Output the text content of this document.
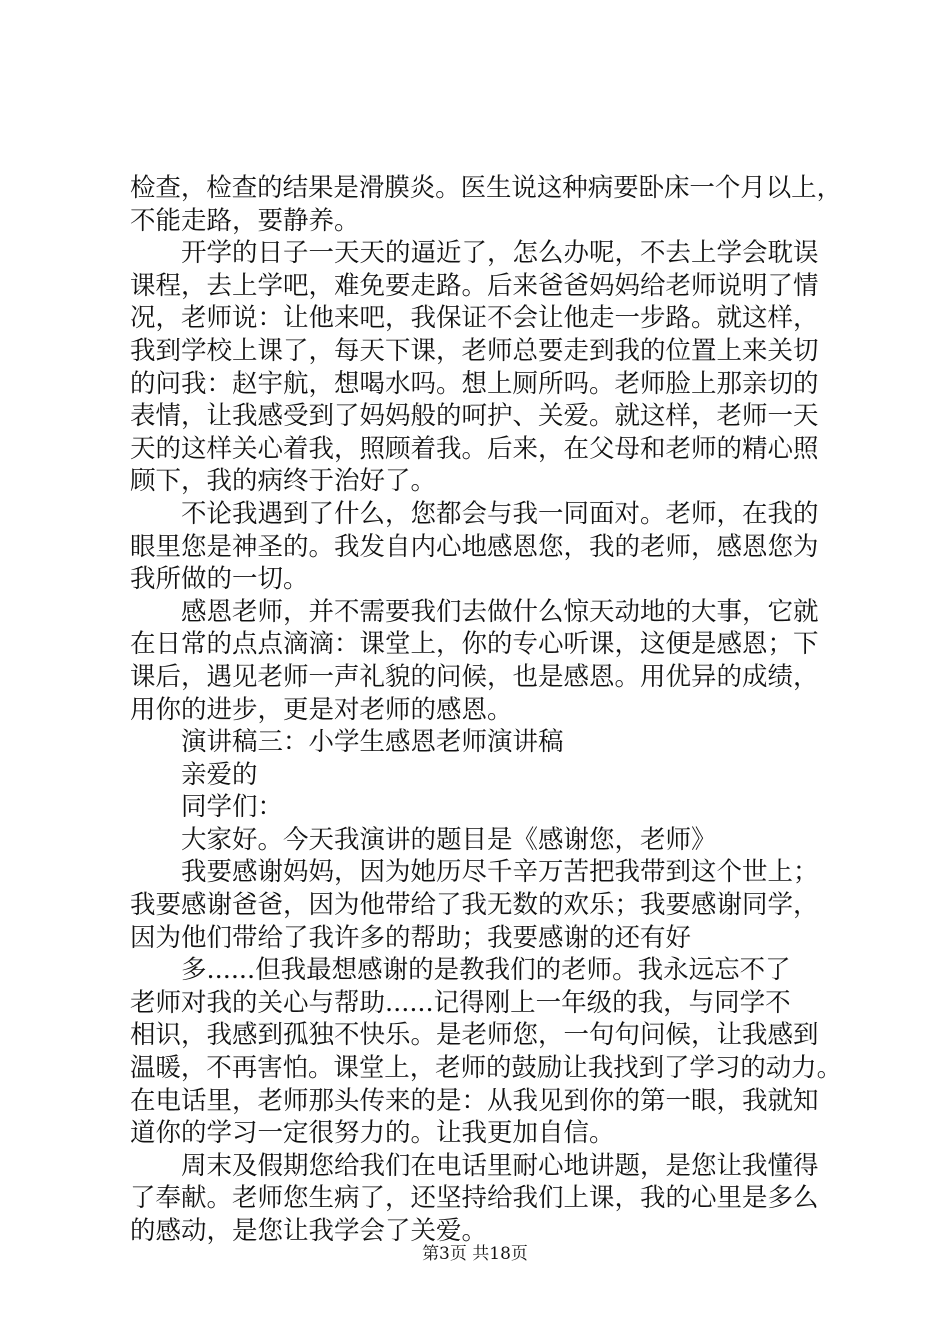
检查，检查的结果是滑膜炎。医生说这种病要卧床一个月以上，
不能走路，要静养。
开学的日子一天天的逼近了，怎么办呢，不去上学会耽误
课程，去上学吧，难免要走路。后来爸爸妈妈给老师说明了情
况，老师说：让他来吧，我保证不会让他走一步路。就这样，
我到学校上课了，每天下课，老师总要走到我的位置上来关切
的问我：赵宇航，想喝水吗。想上厕所吗。老师脸上那亲切的
表情，让我感受到了妈妈般的呵护、关爱。就这样，老师一天
天的这样关心着我，照顾着我。后来，在父母和老师的精心照
顾下，我的病终于治好了。
不论我遇到了什么，您都会与我一同面对。老师，在我的
眼里您是神圣的。我发自内心地感恩您，我的老师，感恩您为
我所做的一切。
感恩老师，并不需要我们去做什么惊天动地的大事，它就
在日常的点点滴滴：课堂上，你的专心听课，这便是感恩；下
课后，遇见老师一声礼貌的问候，也是感恩。用优异的成绩，
用你的进步，更是对老师的感恩。
演讲稿三：小学生感恩老师演讲稿
亲爱的
同学们：
大家好。今天我演讲的题目是《感谢您，老师》
我要感谢妈妈，因为她历尽千辛万苦把我带到这个世上；
我要感谢爸爸，因为他带给了我无数的欢乐；我要感谢同学，
因为他们带给了我许多的帮助；我要感谢的还有好
多......但我最想感谢的是教我们的老师。我永远忘不了
老师对我的关心与帮助......记得刚上一年级的我，与同学不
相识，我感到孤独不快乐。是老师您，一句句问候，让我感到
温暖，不再害怕。课堂上，老师的鼓励让我找到了学习的动力。
在电话里，老师那头传来的是：从我见到你的第一眼，我就知
道你的学习一定很努力的。让我更加自信。
周末及假期您给我们在电话里耐心地讲题，是您让我懂得
了奉献。老师您生病了，还坚持给我们上课，我的心里是多么
的感动，是您让我学会了关爱。
第3页 共18页
